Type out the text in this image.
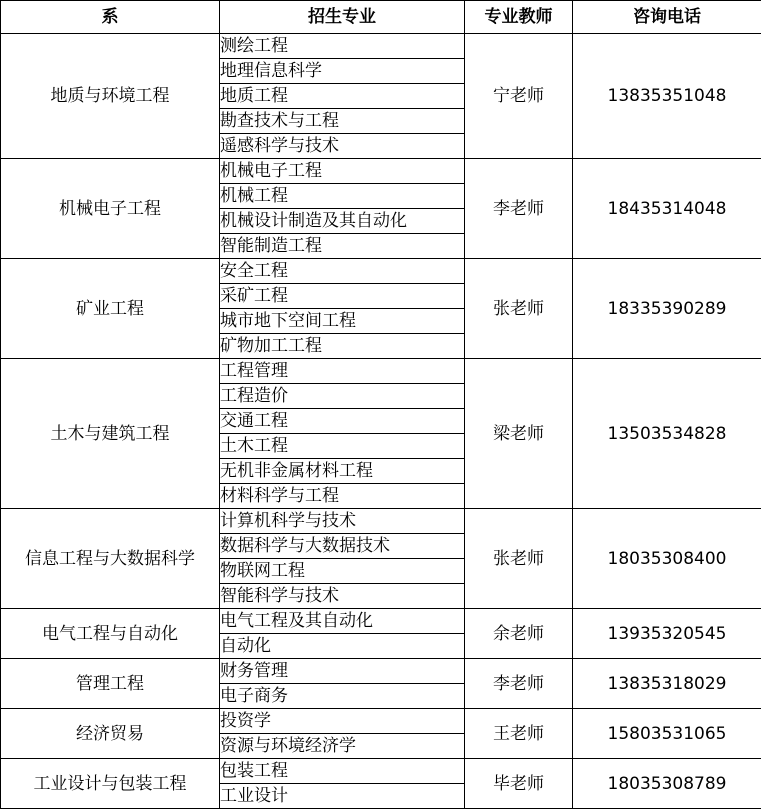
系	招生专业	专业教师	咨询电话
地质与环境工程	测绘工程	宁老师	13835351048
	地理信息科学		
	地质工程		
	勘查技术与工程		
	遥感科学与技术		
机械电子工程	机械电子工程	李老师	18435314048
	机械工程		
	机械设计制造及其自动化		
	智能制造工程		
矿业工程	安全工程	张老师	18335390289
	采矿工程		
	城市地下空间工程		
	矿物加工工程		
土木与建筑工程	工程管理	梁老师	13503534828
	工程造价		
	交通工程		
	土木工程		
	无机非金属材料工程		
	材料科学与工程		
信息工程与大数据科学	计算机科学与技术	张老师	18035308400
	数据科学与大数据技术		
	物联网工程		
	智能科学与技术		
电气工程与自动化	电气工程及其自动化	余老师	13935320545
	自动化		
管理工程	财务管理	李老师	13835318029
	电子商务		
经济贸易	投资学	王老师	15803531065
	资源与环境经济学		
工业设计与包装工程	包装工程	毕老师	18035308789
	工业设计		
